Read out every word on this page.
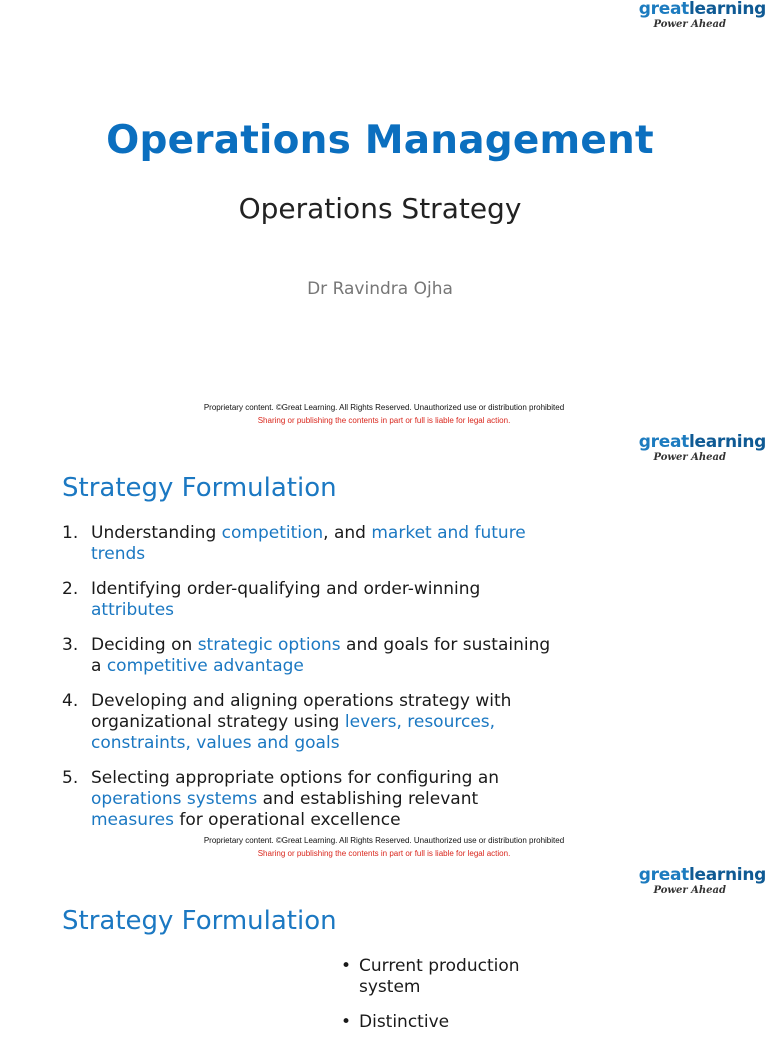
greatlearning
Power Ahead
Operations Management
Operations Strategy
Dr Ravindra Ojha
Proprietary content. ©Great Learning. All Rights Reserved. Unauthorized use or distribution prohibited
Sharing or publishing the contents in part or full is liable for legal action.
greatlearning
Power Ahead
Strategy Formulation
1. Understanding competition, and market and future trends
2. Identifying order-qualifying and order-winning attributes
3. Deciding on strategic options and goals for sustaining a competitive advantage
4. Developing and aligning operations strategy with organizational strategy using levers, resources, constraints, values and goals
5. Selecting appropriate options for configuring an operations systems and establishing relevant measures for operational excellence
Proprietary content. ©Great Learning. All Rights Reserved. Unauthorized use or distribution prohibited
Sharing or publishing the contents in part or full is liable for legal action.
greatlearning
Power Ahead
Strategy Formulation
• Current production system
• Distinctive
